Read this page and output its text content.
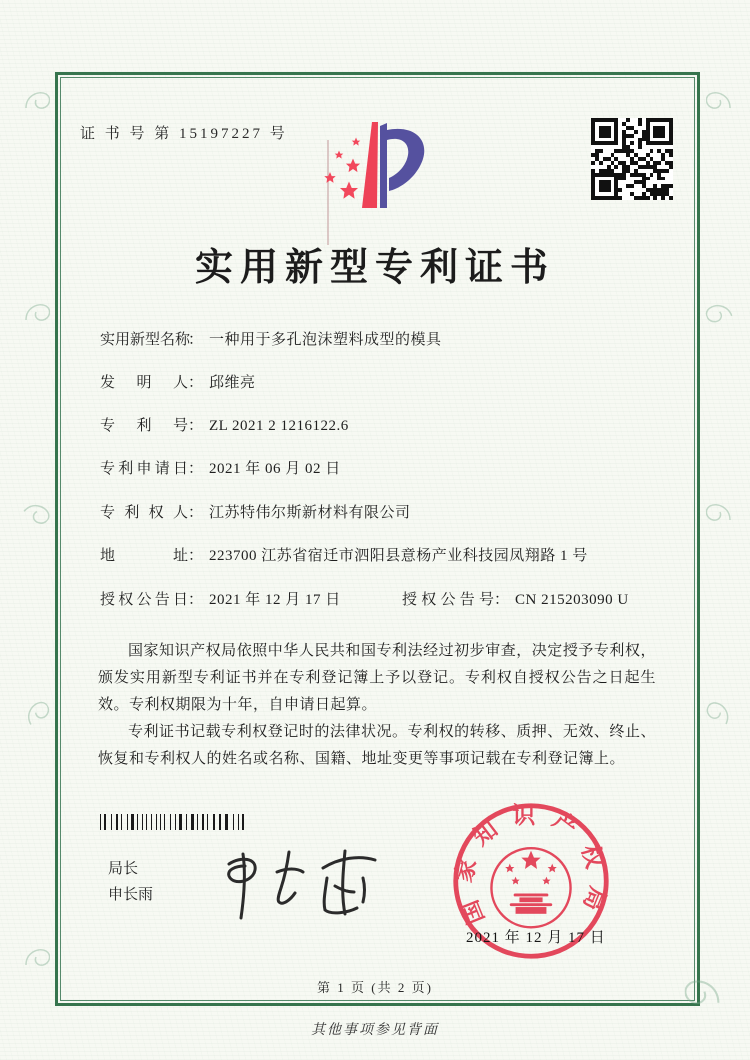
证 书 号 第 15197227 号
实用新型专利证书
实用新型名称： 一种用于多孔泡沫塑料成型的模具
发明人： 邱维亮
专利号： ZL 2021 2 1216122.6
专利申请日： 2021 年 06 月 02 日
专利权人： 江苏特伟尔斯新材料有限公司
地址： 223700 江苏省宿迁市泗阳县意杨产业科技园凤翔路 1 号
授权公告日： 2021 年 12 月 17 日	授权公告号： CN 215203090 U

国家知识产权局依照中华人民共和国专利法经过初步审查，决定授予专利权，颁发实用新型专利证书并在专利登记簿上予以登记。专利权自授权公告之日起生效。专利权期限为十年，自申请日起算。

专利证书记载专利权登记时的法律状况。专利权的转移、质押、无效、终止、恢复和专利权人的姓名或名称、国籍、地址变更等事项记载在专利登记簿上。

局长
申长雨	国家知识产权局
2021 年 12 月 17 日
第 1 页 (共 2 页)
其他事项参见背面
